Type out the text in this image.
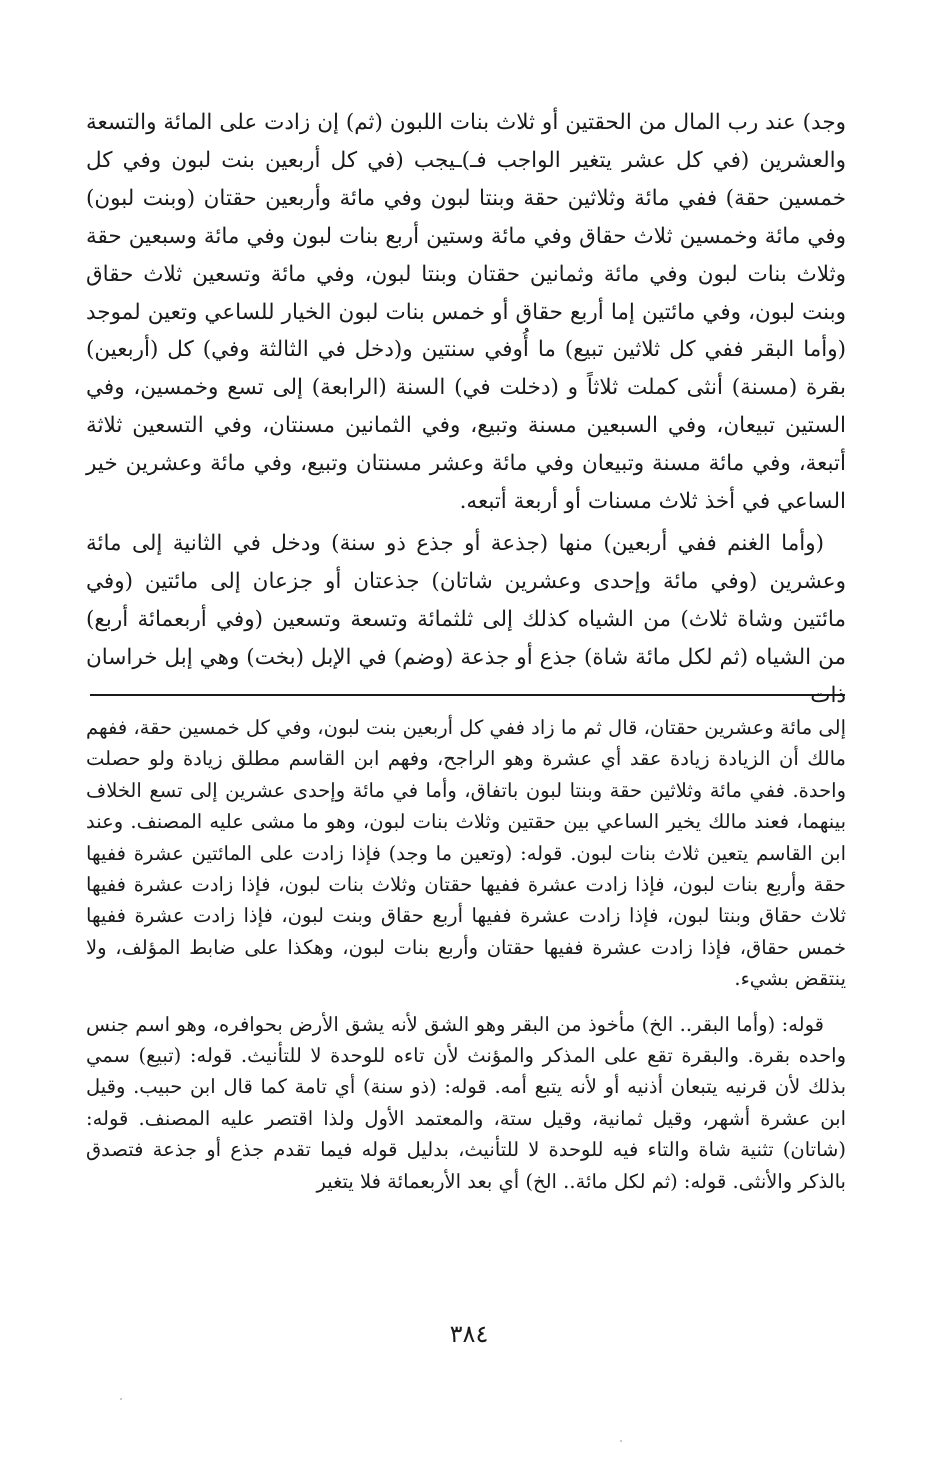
وجد) عند رب المال من الحقتين أو ثلاث بنات اللبون (ثم) إن زادت على المائة والتسعة والعشرين (في كل عشر يتغير الواجب فـ)ـيجب (في كل أربعين بنت لبون وفي كل خمسين حقة) ففي مائة وثلاثين حقة وبنتا لبون وفي مائة وأربعين حقتان (وبنت لبون) وفي مائة وخمسين ثلاث حقاق وفي مائة وستين أربع بنات لبون وفي مائة وسبعين حقة وثلاث بنات لبون وفي مائة وثمانين حقتان وبنتا لبون، وفي مائة وتسعين ثلاث حقاق وبنت لبون، وفي مائتين إما أربع حقاق أو خمس بنات لبون الخيار للساعي وتعين لموجد (وأما البقر ففي كل ثلاثين تبيع) ما أُوفي سنتين و(دخل في الثالثة وفي) كل (أربعين) بقرة (مسنة) أنثى كملت ثلاثاً و (دخلت في) السنة (الرابعة) إلى تسع وخمسين، وفي الستين تبيعان، وفي السبعين مسنة وتبيع، وفي الثمانين مسنتان، وفي التسعين ثلاثة أتبعة، وفي مائة مسنة وتبيعان وفي مائة وعشر مسنتان وتبيع، وفي مائة وعشرين خير الساعي في أخذ ثلاث مسنات أو أربعة أتبعه.

(وأما الغنم ففي أربعين) منها (جذعة أو جذع ذو سنة) ودخل في الثانية إلى مائة وعشرين (وفي مائة وإحدى وعشرين شاتان) جذعتان أو جزعان إلى مائتين (وفي مائتين وشاة ثلاث) من الشياه كذلك إلى ثلثمائة وتسعة وتسعين (وفي أربعمائة أربع) من الشياه (ثم لكل مائة شاة) جذع أو جذعة (وضم) في الإبل (بخت) وهي إبل خراسان ذات

إلى مائة وعشرين حقتان، قال ثم ما زاد ففي كل أربعين بنت لبون، وفي كل خمسين حقة، ففهم مالك أن الزيادة زيادة عقد أي عشرة وهو الراجح، وفهم ابن القاسم مطلق زيادة ولو حصلت واحدة. ففي مائة وثلاثين حقة وبنتا لبون باتفاق، وأما في مائة وإحدى عشرين إلى تسع الخلاف بينهما، فعند مالك يخير الساعي بين حقتين وثلاث بنات لبون، وهو ما مشى عليه المصنف. وعند ابن القاسم يتعين ثلاث بنات لبون. قوله: (وتعين ما وجد) فإذا زادت على المائتين عشرة ففيها حقة وأربع بنات لبون، فإذا زادت عشرة ففيها حقتان وثلاث بنات لبون، فإذا زادت عشرة ففيها ثلاث حقاق وبنتا لبون، فإذا زادت عشرة ففيها أربع حقاق وبنت لبون، فإذا زادت عشرة ففيها خمس حقاق، فإذا زادت عشرة ففيها حقتان وأربع بنات لبون، وهكذا على ضابط المؤلف، ولا ينتقض بشيء.

قوله: (وأما البقر.. الخ) مأخوذ من البقر وهو الشق لأنه يشق الأرض بحوافره، وهو اسم جنس واحده بقرة. والبقرة تقع على المذكر والمؤنث لأن تاءه للوحدة لا للتأنيث. قوله: (تبيع) سمي بذلك لأن قرنيه يتبعان أذنيه أو لأنه يتبع أمه. قوله: (ذو سنة) أي تامة كما قال ابن حبيب. وقيل ابن عشرة أشهر، وقيل ثمانية، وقيل ستة، والمعتمد الأول ولذا اقتصر عليه المصنف. قوله: (شاتان) تثنية شاة والتاء فيه للوحدة لا للتأنيث، بدليل قوله فيما تقدم جذع أو جذعة فتصدق بالذكر والأنثى. قوله: (ثم لكل مائة.. الخ) أي بعد الأربعمائة فلا يتغير

٣٨٤
